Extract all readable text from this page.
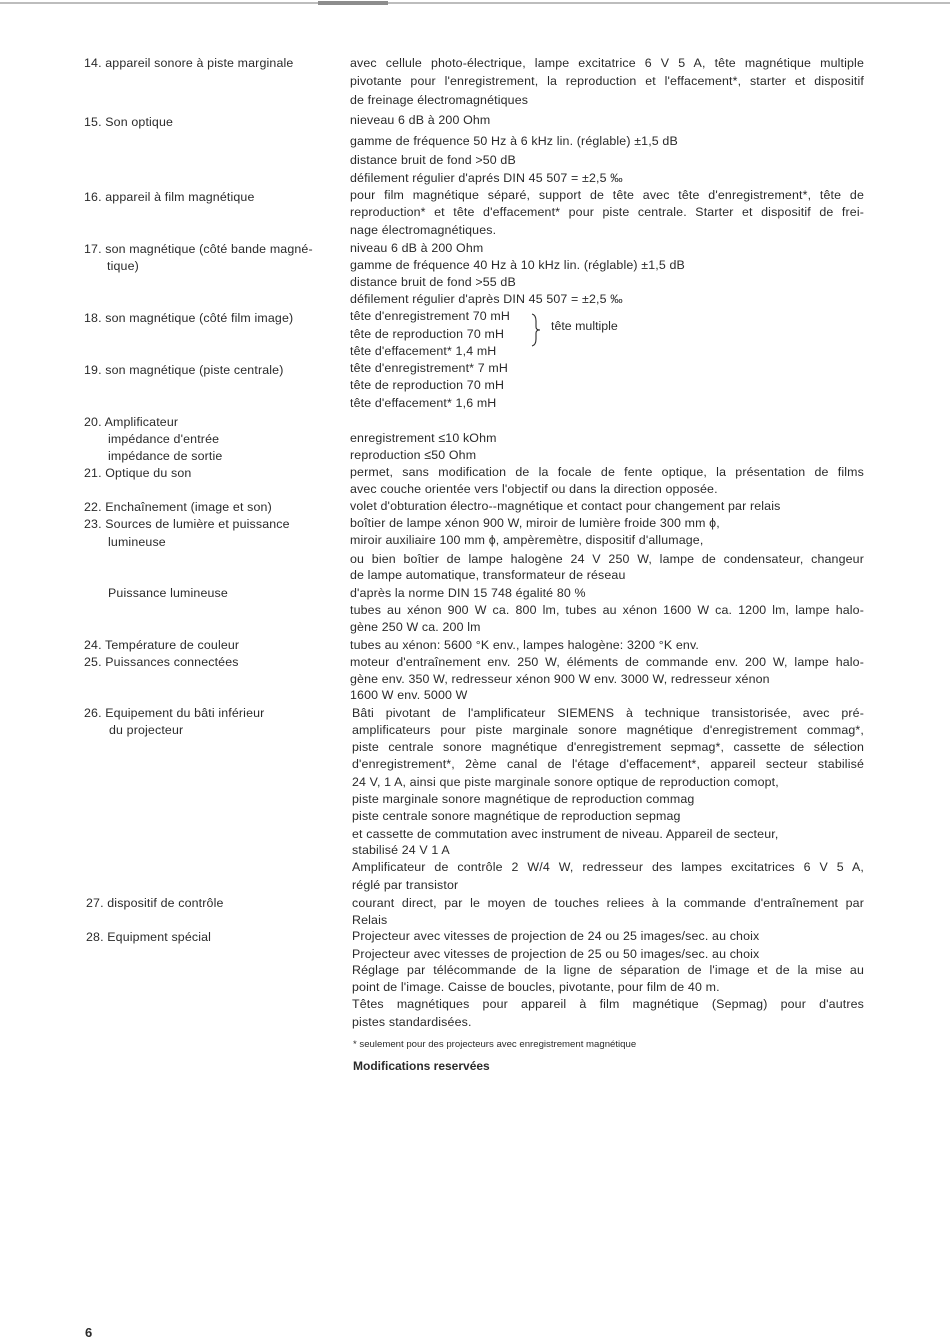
14. appareil sonore à piste marginale
15. Son optique
16. appareil à film magnétique
17. son magnétique (côté bande magné-
tique)
18. son magnétique (côté film image)
19. son magnétique (piste centrale)
20. Amplificateur
impédance d'entrée
impédance de sortie
21. Optique du son
22. Enchaînement (image et son)
23. Sources de lumière et puissance
lumineuse
Puissance lumineuse
24. Température de couleur
25. Puissances connectées
26. Equipement du bâti inférieur
du projecteur
27. dispositif de contrôle
28. Equipment spécial
avec cellule photo-électrique, lampe excitatrice 6 V 5 A, tête magnétique multiple
pivotante pour l'enregistrement, la reproduction et l'effacement*, starter et dispositif
de freinage électromagnétiques
nieveau 6 dB à 200 Ohm
gamme de fréquence 50 Hz à 6 kHz lin. (réglable) ±1,5 dB
distance bruit de fond >50 dB
défilement régulier d'aprés DIN 45 507 = ±2,5 ‰
pour film magnétique séparé, support de tête avec tête d'enregistrement*, tête de
reproduction* et tête d'effacement* pour piste centrale. Starter et dispositif de frei-
nage électromagnétiques.
niveau 6 dB à 200 Ohm
gamme de fréquence 40 Hz à 10 kHz lin. (réglable) ±1,5 dB
distance bruit de fond >55 dB
défilement régulier d'après DIN 45 507 = ±2,5 ‰
tête d'enregistrement 70 mH
tête de reproduction 70 mH
tête d'effacement* 1,4 mH
tête d'enregistrement* 7 mH
tête de reproduction 70 mH
tête d'effacement* 1,6 mH
enregistrement ≤10 kOhm
reproduction ≤50 Ohm
permet, sans modification de la focale de fente optique, la présentation de films
avec couche orientée vers l'objectif ou dans la direction opposée.
volet d'obturation électro--magnétique et contact pour changement par relais
boîtier de lampe xénon 900 W, miroir de lumière froide 300 mm ϕ,
miroir auxiliaire 100 mm ϕ, ampèremètre, dispositif d'allumage,
ou bien boîtier de lampe halogène 24 V 250 W, lampe de condensateur, changeur
de lampe automatique, transformateur de réseau
d'après la norme DIN 15 748 égalité 80 %
tubes au xénon 900 W ca. 800 lm, tubes au xénon 1600 W ca. 1200 lm, lampe halo-
gène 250 W ca. 200 lm
tubes au xénon: 5600 °K env., lampes halogène: 3200 °K env.
moteur d'entraînement env. 250 W, éléments de commande env. 200 W, lampe halo-
gène env. 350 W, redresseur xénon 900 W env. 3000 W, redresseur xénon
1600 W env. 5000 W
Bâti pivotant de l'amplificateur SIEMENS à technique transistorisée, avec pré-
amplificateurs pour piste marginale sonore magnétique d'enregistrement commag*,
piste centrale sonore magnétique d'enregistrement sepmag*, cassette de sélection
d'enregistrement*, 2ème canal de l'étage d'effacement*, appareil secteur stabilisé
24 V, 1 A, ainsi que piste marginale sonore optique de reproduction comopt,
piste marginale sonore magnétique de reproduction commag
piste centrale sonore magnétique de reproduction sepmag
et cassette de commutation avec instrument de niveau. Appareil de secteur,
stabilisé 24 V 1 A
Amplificateur de contrôle 2 W/4 W, redresseur des lampes excitatrices 6 V 5 A,
réglé par transistor
courant direct, par le moyen de touches reliees à la commande d'entraînement par
Relais
Projecteur avec vitesses de projection de 24 ou 25 images/sec. au choix
Projecteur avec vitesses de projection de 25 ou 50 images/sec. au choix
Réglage par télécommande de la ligne de séparation de l'image et de la mise au
point de l'image. Caisse de boucles, pivotante, pour film de 40 m.
Têtes magnétiques pour appareil à film magnétique (Sepmag) pour d'autres
pistes standardisées.
tête multiple
* seulement pour des projecteurs avec enregistrement magnétique
Modifications reservées
6
